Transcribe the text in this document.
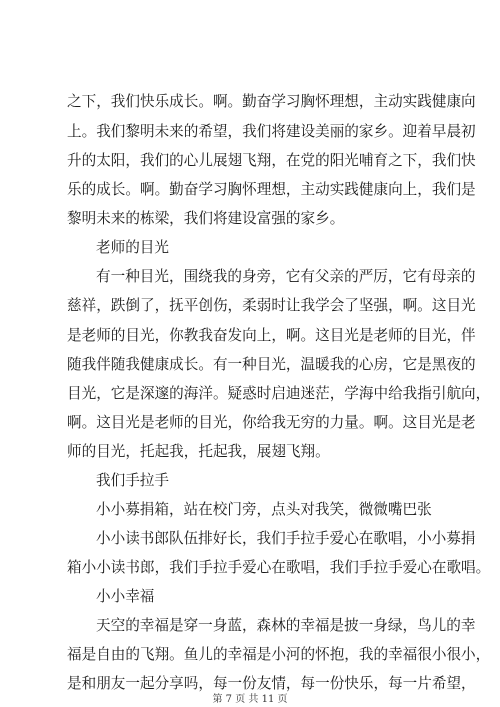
之下，我们快乐成长。啊。勤奋学习胸怀理想，主动实践健康向
上。我们黎明未来的希望，我们将建设美丽的家乡。迎着早晨初
升的太阳，我们的心儿展翅飞翔，在党的阳光哺育之下，我们快
乐的成长。啊。勤奋学习胸怀理想，主动实践健康向上，我们是
黎明未来的栋梁，我们将建设富强的家乡。
老师的目光
有一种目光，围绕我的身旁，它有父亲的严厉，它有母亲的
慈祥，跌倒了，抚平创伤，柔弱时让我学会了坚强，啊。这目光
是老师的目光，你教我奋发向上，啊。这目光是老师的目光，伴
随我伴随我健康成长。有一种目光，温暖我的心房，它是黑夜的
目光，它是深邃的海洋。疑惑时启迪迷茫，学海中给我指引航向，
啊。这目光是老师的目光，你给我无穷的力量。啊。这目光是老
师的目光，托起我，托起我，展翅飞翔。
我们手拉手
小小募捐箱，站在校门旁，点头对我笑，微微嘴巴张
小小读书郎队伍排好长，我们手拉手爱心在歌唱，小小募捐
箱小小读书郎，我们手拉手爱心在歌唱，我们手拉手爱心在歌唱。
小小幸福
天空的幸福是穿一身蓝，森林的幸福是披一身绿，鸟儿的幸
福是自由的飞翔。鱼儿的幸福是小河的怀抱，我的幸福很小很小，
是和朋友一起分享吗，每一份友情，每一份快乐，每一片希望，
第 7 页 共 11 页
